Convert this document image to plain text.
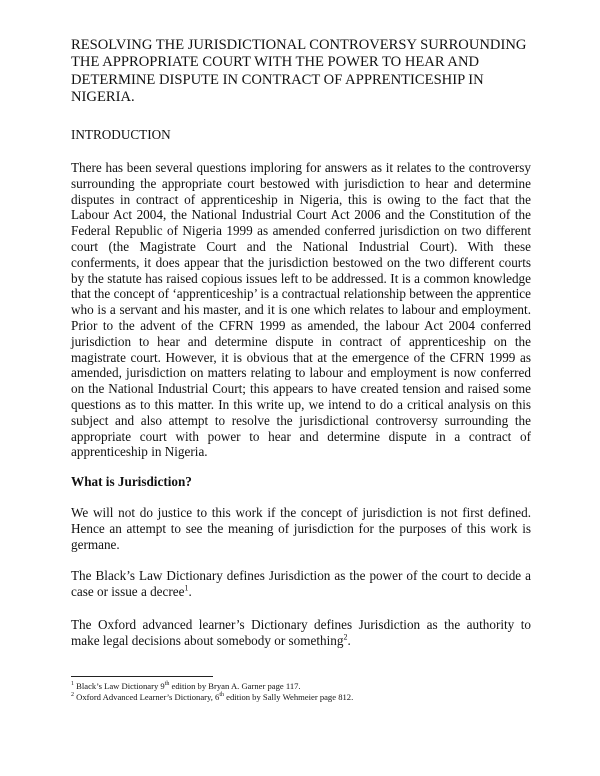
RESOLVING THE JURISDICTIONAL CONTROVERSY SURROUNDING THE APPROPRIATE COURT WITH THE POWER TO HEAR AND DETERMINE DISPUTE IN CONTRACT OF APPRENTICESHIP IN NIGERIA.
INTRODUCTION
There has been several questions imploring for answers as it relates to the controversy surrounding the appropriate court bestowed with jurisdiction to hear and determine disputes in contract of apprenticeship in Nigeria, this is owing to the fact that the Labour Act 2004, the National Industrial Court Act 2006 and the Constitution of the Federal Republic of Nigeria 1999 as amended conferred jurisdiction on two different court (the Magistrate Court and the National Industrial Court). With these conferments, it does appear that the jurisdiction bestowed on the two different courts by the statute has raised copious issues left to be addressed. It is a common knowledge that the concept of ‘apprenticeship’ is a contractual relationship between the apprentice who is a servant and his master, and it is one which relates to labour and employment. Prior to the advent of the CFRN 1999 as amended, the labour Act 2004 conferred jurisdiction to hear and determine dispute in contract of apprenticeship on the magistrate court. However, it is obvious that at the emergence of the CFRN 1999 as amended, jurisdiction on matters relating to labour and employment is now conferred on the National Industrial Court; this appears to have created tension and raised some questions as to this matter. In this write up, we intend to do a critical analysis on this subject and also attempt to resolve the jurisdictional controversy surrounding the appropriate court with power to hear and determine dispute in a contract of apprenticeship in Nigeria.
What is Jurisdiction?
We will not do justice to this work if the concept of jurisdiction is not first defined. Hence an attempt to see the meaning of jurisdiction for the purposes of this work is germane.
The Black’s Law Dictionary defines Jurisdiction as the power of the court to decide a case or issue a decree$^1$.
The Oxford advanced learner’s Dictionary defines Jurisdiction as the authority to make legal decisions about somebody or something$^2$.
$^1$ Black’s Law Dictionary 9th edition by Bryan A. Garner page 117.
$^2$ Oxford Advanced Learner’s Dictionary, 6th edition by Sally Wehmeier page 812.
